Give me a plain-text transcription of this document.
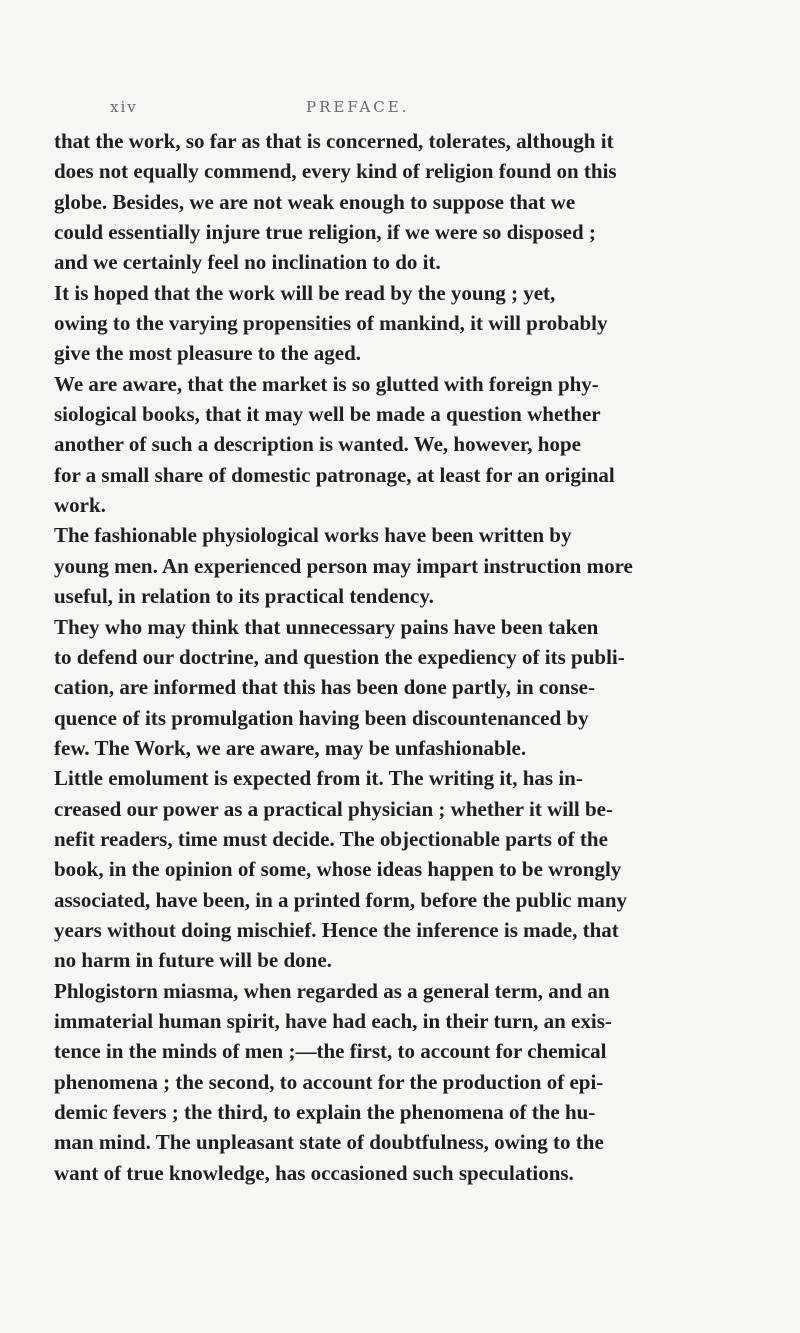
xiv	PREFACE.
that the work, so far as that is concerned, tolerates, although it
does not equally commend, every kind of religion found on this
globe. Besides, we are not weak enough to suppose that we
could essentially injure true religion, if we were so disposed ;
and we certainly feel no inclination to do it.
It is hoped that the work will be read by the young ; yet,
owing to the varying propensities of mankind, it will probably
give the most pleasure to the aged.
We are aware, that the market is so glutted with foreign phy-
siological books, that it may well be made a question whether
another of such a description is wanted. We, however, hope
for a small share of domestic patronage, at least for an original
work.
The fashionable physiological works have been written by
young men. An experienced person may impart instruction more
useful, in relation to its practical tendency.
They who may think that unnecessary pains have been taken
to defend our doctrine, and question the expediency of its publi-
cation, are informed that this has been done partly, in conse-
quence of its promulgation having been discountenanced by
few. The Work, we are aware, may be unfashionable.
Little emolument is expected from it. The writing it, has in-
creased our power as a practical physician ; whether it will be-
nefit readers, time must decide. The objectionable parts of the
book, in the opinion of some, whose ideas happen to be wrongly
associated, have been, in a printed form, before the public many
years without doing mischief. Hence the inference is made, that
no harm in future will be done.
Phlogistorn miasma, when regarded as a general term, and an
immaterial human spirit, have had each, in their turn, an exis-
tence in the minds of men ;—the first, to account for chemical
phenomena ; the second, to account for the production of epi-
demic fevers ; the third, to explain the phenomena of the hu-
man mind. The unpleasant state of doubtfulness, owing to the
want of true knowledge, has occasioned such speculations.
